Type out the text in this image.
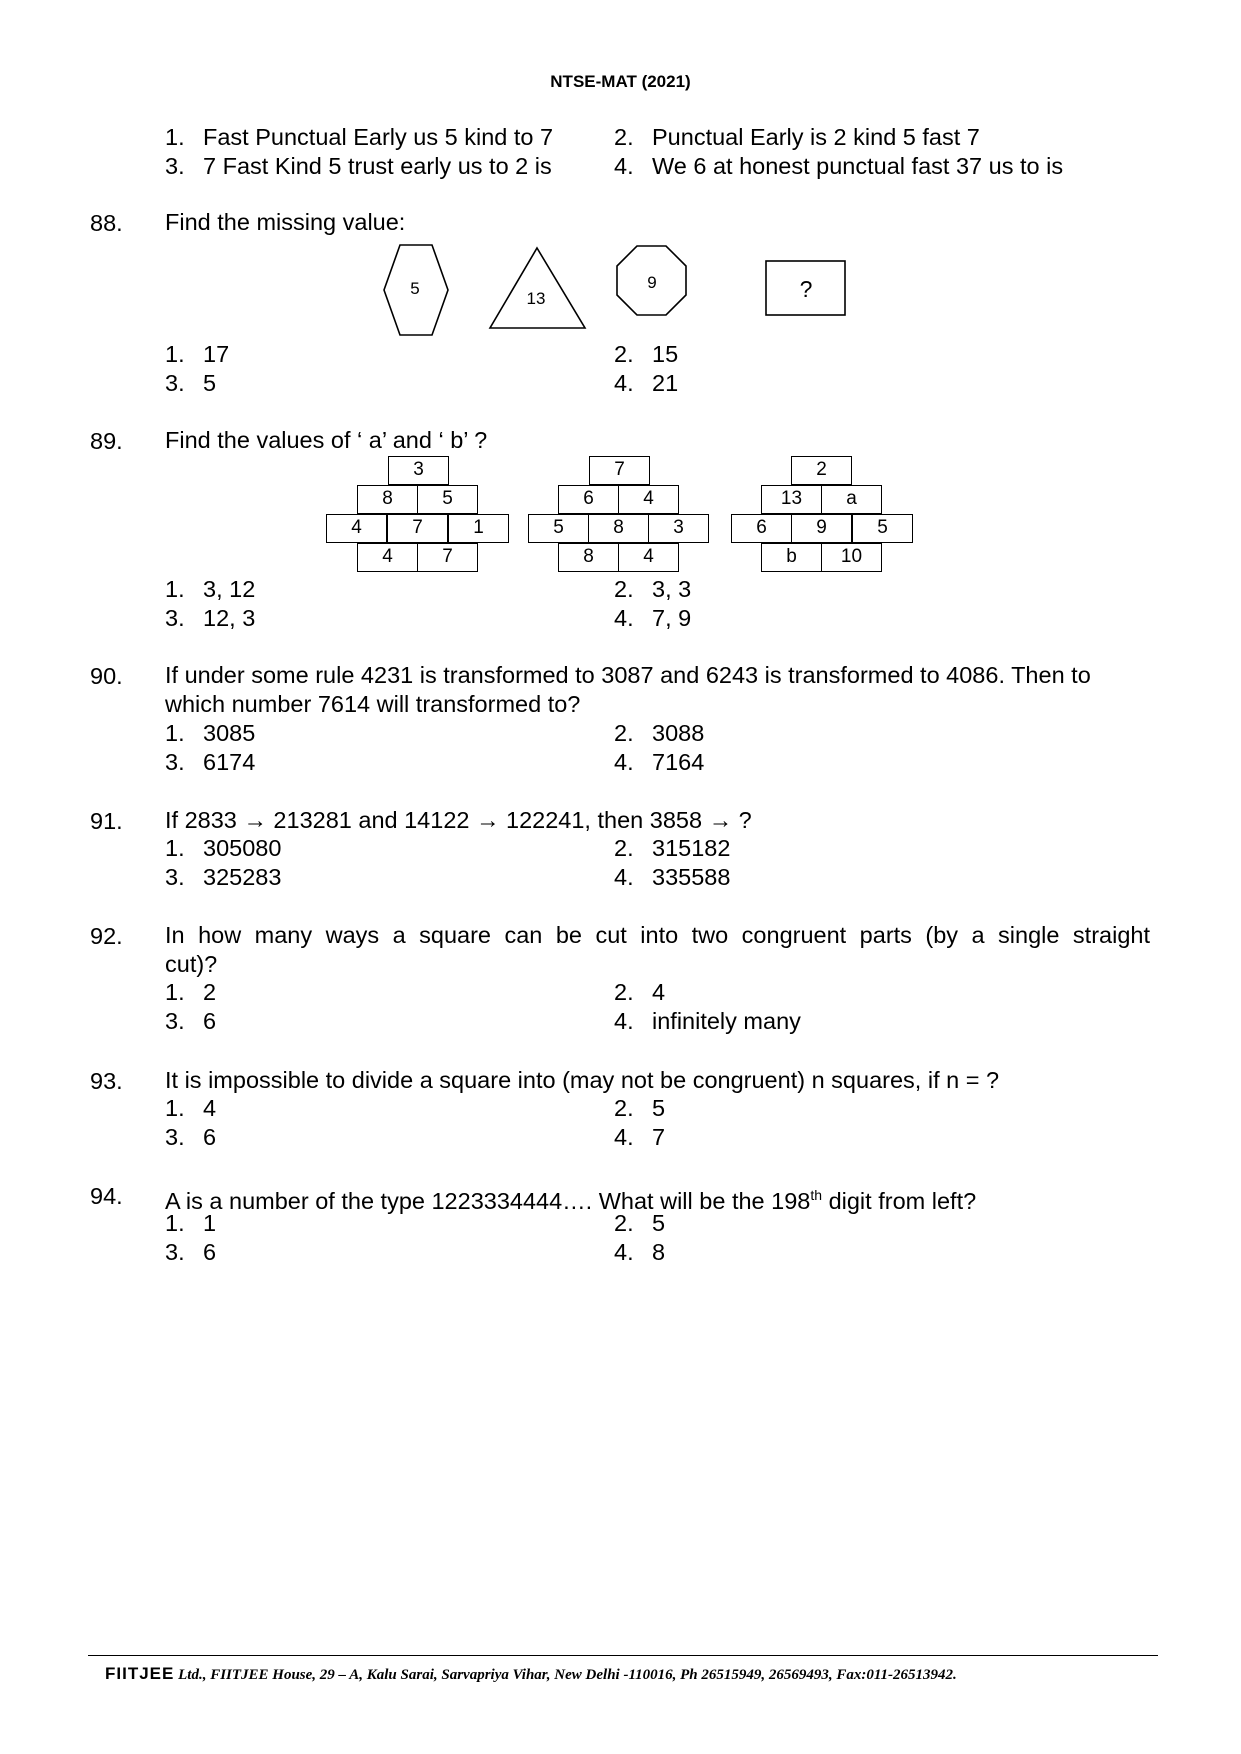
NTSE-MAT (2021)
1. Fast Punctual Early us 5 kind to 7	2. Punctual Early is 2 kind 5 fast 7
3. 7 Fast Kind 5 trust early us to 2 is	4. We 6 at honest punctual fast 37 us to is
88. Find the missing value:
5
13
9	?
1. 17	2. 15
3. 5	4. 21
89. Find the values of ‘ a’ and ‘ b’ ?
3
8	5
4	7	1
4	7
7
6	4
5	8	3
8	4
2
13	a
6	9	5
b	10
1. 3, 12	2. 3, 3
3. 12, 3	4. 7, 9
90. If under some rule 4231 is transformed to 3087 and 6243 is transformed to 4086. Then to
which number 7614 will transformed to?
1. 3085	2. 3088
3. 6174	4. 7164
91. If 2833 → 213281 and 14122 → 122241, then 3858 → ?
1. 305080	2. 315182
3. 325283	4. 335588
92. In how many ways a square can be cut into two congruent parts (by a single straight
cut)?
1. 2	2. 4
3. 6	4. infinitely many
93. It is impossible to divide a square into (may not be congruent) n squares, if n = ?
1. 4	2. 5
3. 6	4. 7
94. A is a number of the type 1223334444…. What will be the 198th digit from left?
1. 1	2. 5
3. 6	4. 8
FIITJEE Ltd., FIITJEE House, 29 – A, Kalu Sarai, Sarvapriya Vihar, New Delhi -110016, Ph 26515949, 26569493, Fax:011-26513942.
